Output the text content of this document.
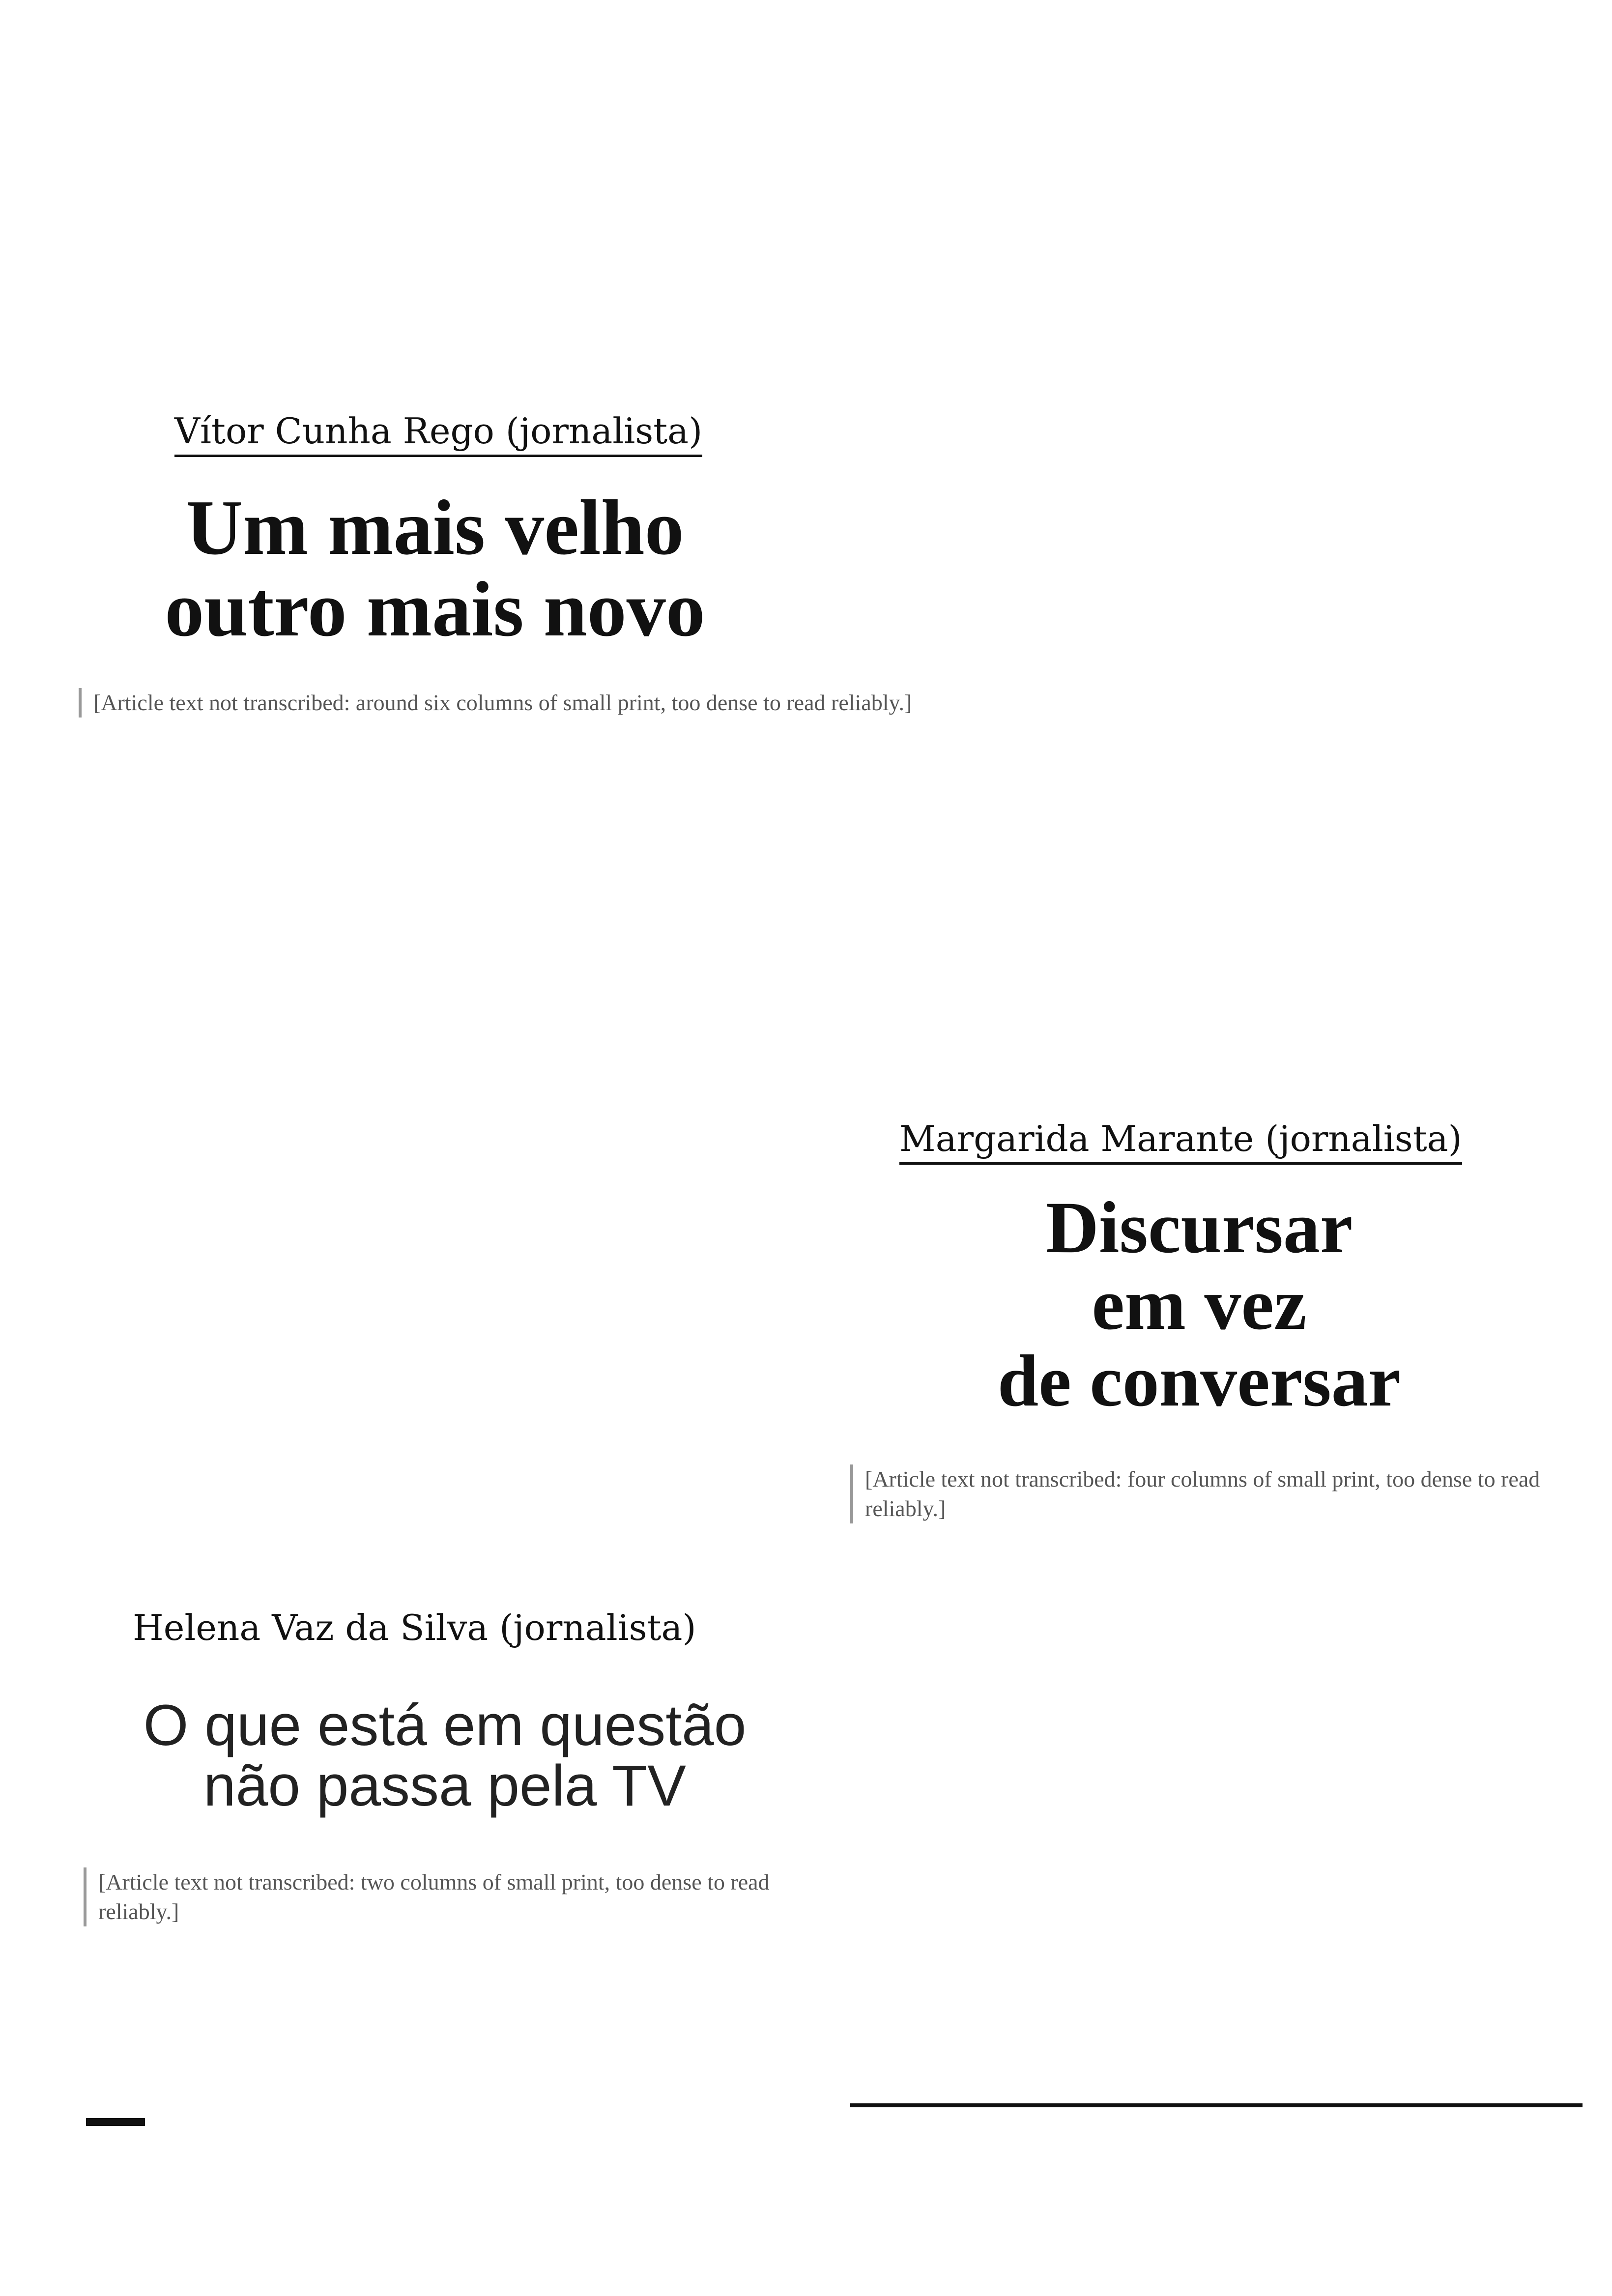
Vítor Cunha Rego (jornalista)
Um mais velho
outro mais novo
[Article text not transcribed: around six columns of small print, too dense to read reliably.]
Margarida Marante (jornalista)
Discursar
em vez
de conversar
[Article text not transcribed: four columns of small print, too dense to read reliably.]
Helena Vaz da Silva (jornalista)
O que está em questão
não passa pela TV
[Article text not transcribed: two columns of small print, too dense to read reliably.]
